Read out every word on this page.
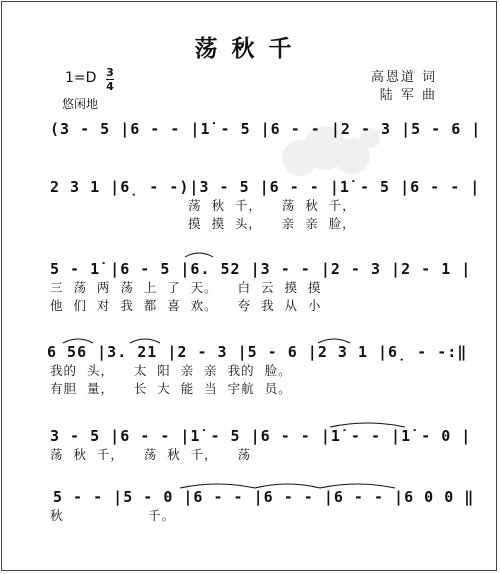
荡秋千
1=D 3
4
悠闲地
高恩道 词
陆 军 曲
(3 - 5 |6 - - |1̇ - 5 |6 - - |2 - 3 |5 - 6 |
2 3 1 |6̣ - -)|3 - 5 |6 - - |1̇ - 5 |6 - - |
荡  秋  千，    荡  秋  千，
摸  摸  头，    亲  亲  脸，
5 - 1̇ |6 - 5 |6. 52 |3 - - |2 - 3 |2 - 1 |
三  荡  两  荡  上  了  天。    白  云  摸  摸
他  们  对  我  都  喜  欢。    夸  我  从  小
6 56 |3. 21 |2 - 3 |5 - 6 |2 3 1 |6̣ - -:‖
我的  头，    太  阳  亲  亲  我的  脸。
有胆  量，    长  大  能  当  宇航  员。
3 - 5 |6 - - |1̇ - 5 |6 - - |1̇ - - |1̇ - 0 |
荡  秋  千，    荡  秋  千，    荡
5 - - |5 - 0 |6 - - |6 - - |6 - - |6 0 0 ‖
秋                 千。
